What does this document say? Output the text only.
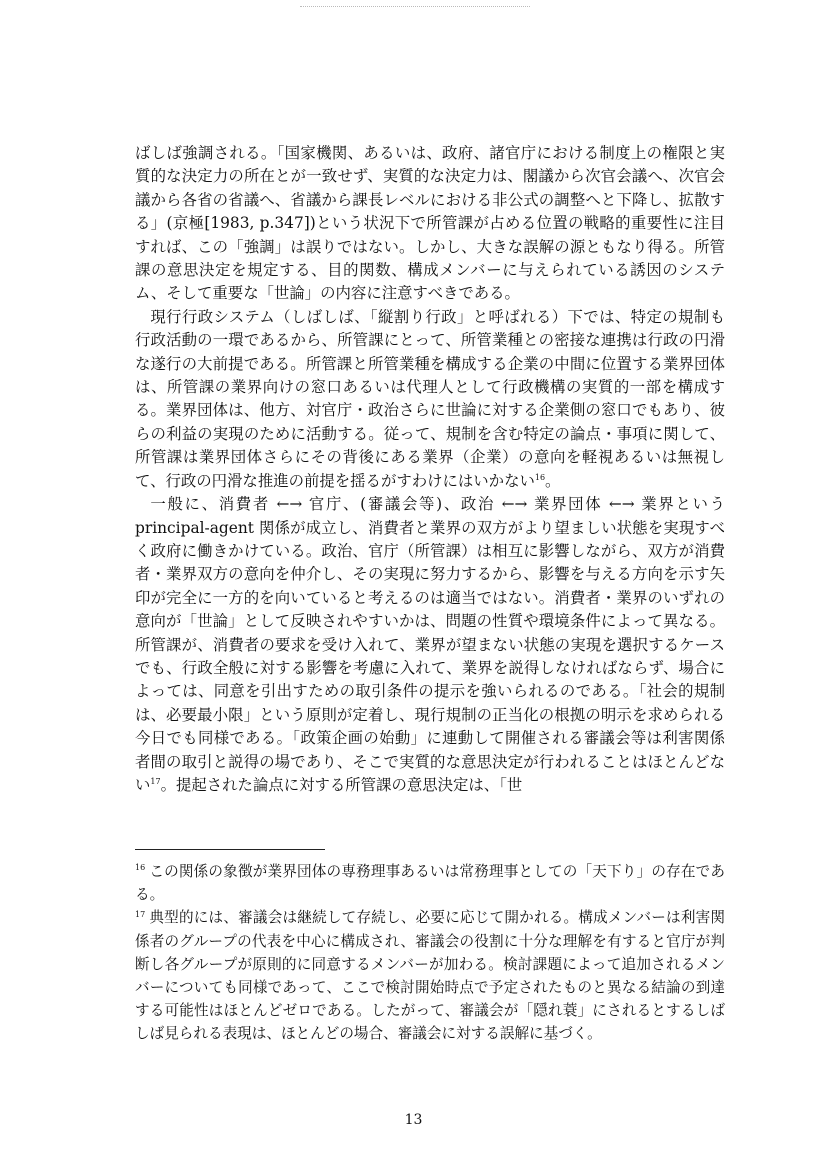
ばしば強調される。「国家機関、あるいは、政府、諸官庁における制度上の権限と実質的な決定力の所在とが一致せず、実質的な決定力は、閣議から次官会議へ、次官会議から各省の省議へ、省議から課長レベルにおける非公式の調整へと下降し、拡散する」(京極[1983, p.347])という状況下で所管課が占める位置の戦略的重要性に注目すれば、この「強調」は誤りではない。しかし、大きな誤解の源ともなり得る。所管課の意思決定を規定する、目的関数、構成メンバーに与えられている誘因のシステム、そして重要な「世論」の内容に注意すべきである。

現行行政システム（しばしば、「縦割り行政」と呼ばれる）下では、特定の規制も行政活動の一環であるから、所管課にとって、所管業種との密接な連携は行政の円滑な遂行の大前提である。所管課と所管業種を構成する企業の中間に位置する業界団体は、所管課の業界向けの窓口あるいは代理人として行政機構の実質的一部を構成する。業界団体は、他方、対官庁・政治さらに世論に対する企業側の窓口でもあり、彼らの利益の実現のために活動する。従って、規制を含む特定の論点・事項に関して、所管課は業界団体さらにその背後にある業界（企業）の意向を軽視あるいは無視して、行政の円滑な推進の前提を揺るがすわけにはいかない$^{16}$。

一般に、消費者 ←→ 官庁、(審議会等)、政治 ←→ 業界団体 ←→ 業界という principal-agent 関係が成立し、消費者と業界の双方がより望ましい状態を実現すべく政府に働きかけている。政治、官庁（所管課）は相互に影響しながら、双方が消費者・業界双方の意向を仲介し、その実現に努力するから、影響を与える方向を示す矢印が完全に一方的を向いていると考えるのは適当ではない。消費者・業界のいずれの意向が「世論」として反映されやすいかは、問題の性質や環境条件によって異なる。所管課が、消費者の要求を受け入れて、業界が望まない状態の実現を選択するケースでも、行政全般に対する影響を考慮に入れて、業界を説得しなければならず、場合によっては、同意を引出すための取引条件の提示を強いられるのである。「社会的規制は、必要最小限」という原則が定着し、現行規制の正当化の根拠の明示を求められる今日でも同様である。「政策企画の始動」に連動して開催される審議会等は利害関係者間の取引と説得の場であり、そこで実質的な意思決定が行われることはほとんどない$^{17}$。提起された論点に対する所管課の意思決定は、「世

$^{16}$ この関係の象徴が業界団体の専務理事あるいは常務理事としての「天下り」の存在である。

$^{17}$ 典型的には、審議会は継続して存続し、必要に応じて開かれる。構成メンバーは利害関係者のグループの代表を中心に構成され、審議会の役割に十分な理解を有すると官庁が判断し各グループが原則的に同意するメンバーが加わる。検討課題によって追加されるメンバーについても同様であって、ここで検討開始時点で予定されたものと異なる結論の到達する可能性はほとんどゼロである。したがって、審議会が「隠れ蓑」にされるとするしばしば見られる表現は、ほとんどの場合、審議会に対する誤解に基づく。

13
